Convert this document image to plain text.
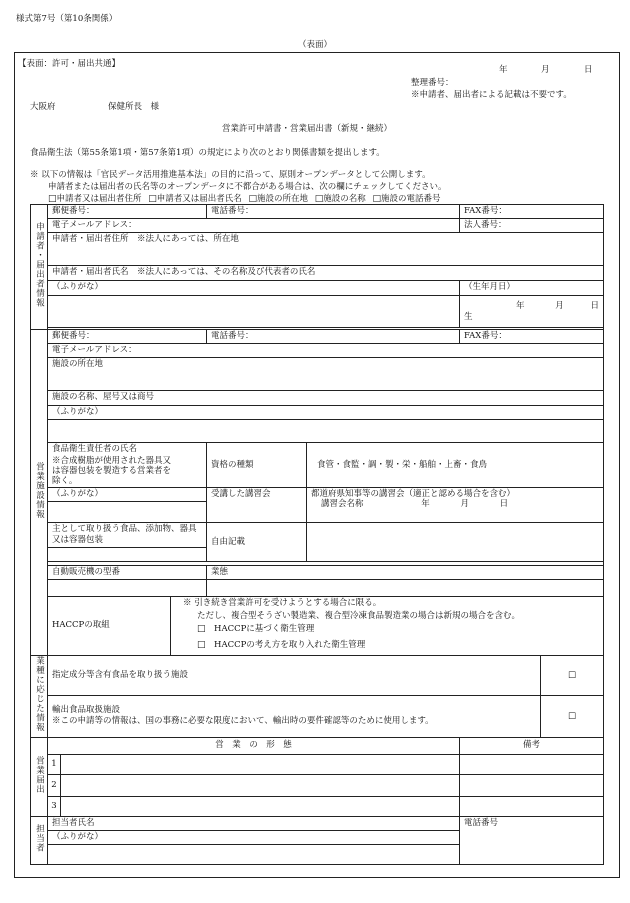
様式第7号（第10条関係）
（表面）
【表面：許可・届出共通】
年	月	日
整理番号：
※申請者、届出者による記載は不要です。
大阪府	保健所長　様
営業許可申請書・営業届出書（新規・継続）
食品衛生法（第55条第1項・第57条第1項）の規定により次のとおり関係書類を提出します。
※ 以下の情報は「官民データ活用推進基本法」の目的に沿って、原則オープンデータとして公開します。
申請者または届出者の氏名等のオープンデータに不都合がある場合は、次の欄にチェックしてください。
□申請者又は届出者住所 □申請者又は届出者氏名 □施設の所在地 □施設の名称 □施設の電話番号
申請者・届出者情報	郵便番号：			電話番号：		FAX番号：	
	電子メールアドレス：					法人番号：	
	申請者・届出者住所　※法人にあっては、所在地						
	申請者・届出者氏名　※法人にあっては、その名称及び代表者の氏名						
	（ふりがな）					（生年月日）	
						年 月 日生	

営業施設情報	郵便番号：			電話番号：		FAX番号：	
	電子メールアドレス：						
	施設の所在地						
	施設の名称、屋号又は商号						
	（ふりがな）						

	食品衛生責任者の氏名 ※合成樹脂が使用された器具又は容器包装を製造する営業者を除く。			資格の種類	食管・食監・調・製・栄・船舶・上畜・食鳥		
	（ふりがな）			受講した講習会	都道府県知事等の講習会（適正と認める場合を含む）
講習会名称 年 月 日		

	主として取り扱う食品、添加物、器具又は容器包装			自由記載			

	自動販売機の型番			業態			

	HACCPの取組		※ 引き続き営業許可を受けようとする場合に限る。				
			ただし、複合型そうざい製造業、複合型冷凍食品製造業の場合は新規の場合を含む。				
			□　 HACCPに基づく衛生管理				
			□　 HACCPの考え方を取り入れた衛生管理				
業種に応じた情報	指定成分等含有食品を取り扱う施設						□

	輸出食品取扱施設
※この申請等の情報は、国の事務に必要な限度において、輸出時の要件確認等のために使用します。						□
営業届出	営　業　の　形　態					備考	
	1						
	2						
	3						
担当者	担当者氏名					電話番号	
	（ふりがな）						
